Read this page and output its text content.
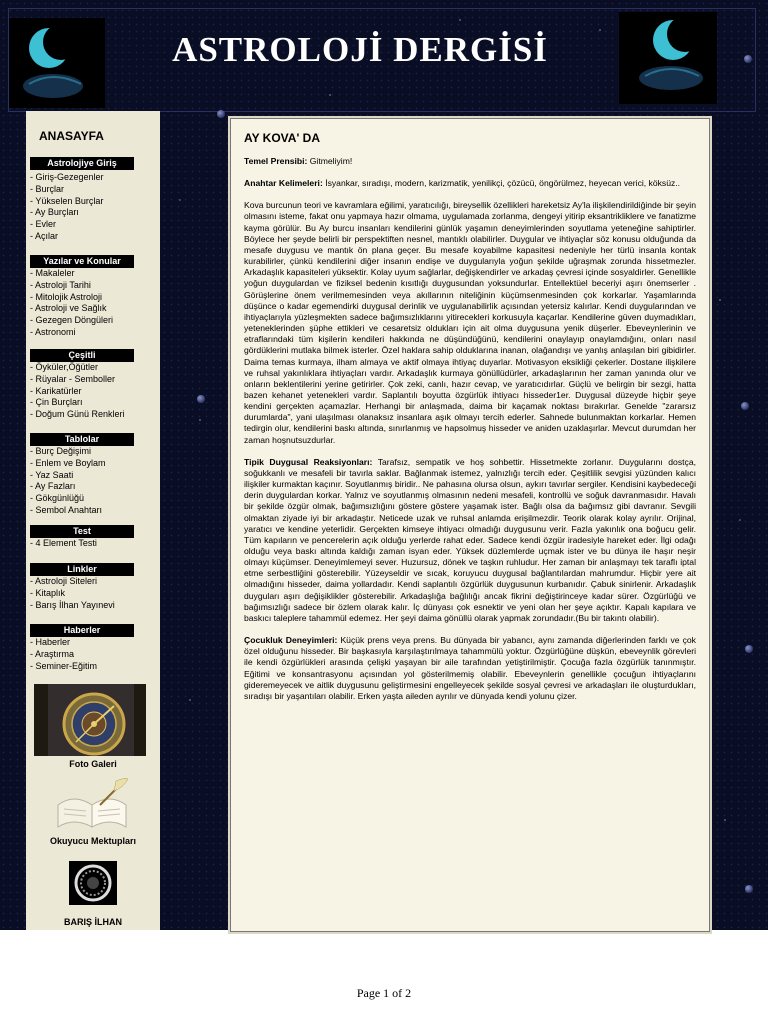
ASTROLOJİ DERGİSİ
ANASAYFA
Astrolojiye Giriş
- Giriş-Gezegenler
- Burçlar
- Yükselen Burçlar
- Ay Burçları
- Evler
- Açılar
Yazılar ve Konular
- Makaleler
- Astroloji Tarihi
- Mitolojik Astroloji
- Astroloji ve Sağlık
- Gezegen Döngüleri
- Astronomi
Çeşitli
- Öyküler,Öğütler
- Rüyalar - Semboller
- Karikatürler
- Çin Burçları
- Doğum Günü Renkleri
Tablolar
- Burç Değişimi
- Enlem ve Boylam
- Yaz Saati
- Ay Fazları
- Gökgünlüğü
- Sembol Anahtarı
Test
- 4 Element Testi
Linkler
- Astroloji Siteleri
- Kitaplık
- Barış İlhan Yayınevi
Haberler
- Haberler
- Araştırma
- Seminer-Eğitim
Foto Galeri
Okuyucu Mektupları
BARIŞ İLHAN
AY KOVA' DA

Temel Prensibi: Gitmeliyim!

Anahtar Kelimeleri: İsyankar, sıradışı, modern, karizmatik, yenilikçi, çözücü, öngörülmez, heyecan verici, köksüz..

Kova burcunun teori ve kavramlara eğilimi, yaratıcılığı, bireysellik özellikleri hareketsiz Ay'la ilişkilendirildiğinde bir şeyin olmasını isteme, fakat onu yapmaya hazır olmama, uygulamada zorlanma, dengeyi yitirip eksantrikliklere ve fanatizme kayma görülür. Bu Ay burcu insanları kendilerini günlük yaşamın deneyimlerinden soyutlama yeteneğine sahiptirler. Böylece her şeyde belirli bir perspektiften nesnel, mantıklı olabilirler. Duygular ve ihtiyaçlar söz konusu olduğunda da mesafe duygusu ve mantık ön plana geçer. Bu mesafe koyabilme kapasitesi nedeniyle her türlü insanla kontak kurabilirler, çünkü kendilerini diğer insanın endişe ve duygularıyla yoğun şekilde uğraşmak zorunda hissetmezler. Arkadaşlık kapasiteleri yüksektir. Kolay uyum sağlarlar, değişkendirler ve arkadaş çevresi içinde sosyaldirler. Genellikle yoğun duygulardan ve fiziksel bedenin kısıtlığı duygusundan yoksundurlar. Entellektüel beceriyi aşırı önemserler . Görüşlerine önem verilmemesinden veya akıllarının niteliğinin küçümsenmesinden çok korkarlar. Yaşamlarında düşünce o kadar egemendirki duygusal derinlik ve uygulanabilirlik açısından yetersiz kalırlar. Kendi duygularından ve ihtiyaçlarıyla yüzleşmekten sadece bağımsızlıklarını yitirecekleri korkusuyla kaçarlar. Kendilerine güven duymadıkları, yeteneklerinden şüphe ettikleri ve cesaretsiz oldukları için ait olma duygusuna yenik düşerler. Ebeveynlerinin ve etraflarındaki tüm kişilerin kendileri hakkında ne düşündüğünü, kendilerini onaylayıp onaylamdığını, onları nasıl gördüklerini mutlaka bilmek isterler. Özel haklara sahip olduklarına inanan, olağandışı ve yanlış anlaşılan biri gibidirler. Daima temas kurmaya, ilham almaya ve aktif olmaya ihtiyaç duyarlar. Motivasyon eksikliği çekerler. Dostane ilişkilere ve ruhsal yakınlıklara ihtiyaçları vardır. Arkadaşlık kurmaya gönüllüdürler, arkadaşlarının her zaman yanında olur ve onların beklentilerini yerine getirirler. Çok zeki, canlı, hazır cevap, ve yaratıcıdırlar. Güçlü ve belirgin bir sezgi, hatta bazen kehanet yetenekleri vardır. Saplantılı boyutta özgürlük ihtiyacı hisseder1er. Duygusal düzeyde hiçbir şeye kendini gerçekten açamazlar. Herhangi bir anlaşmada, daima bir kaçamak noktası bırakırlar. Genelde "zararsız durumlarda", yani ulaşılması olanaksız insanlara aşık olmayı tercih ederler. Sahnede bulunmaktan korkarlar. Hemen tedirgin olur, kendilerini baskı altında, sınırlanmış ve hapsolmuş hisseder ve aniden uzaklaşırlar. Mevcut durumdan her zaman hoşnutsuzdurlar.

Tipik Duygusal Reaksiyonları: Tarafsız, sempatik ve hoş sohbettir. Hissetmekte zorlanır. Duygularını dostça, soğukkanlı ve mesafeli bir tavırla saklar. Bağlanmak istemez, yalnızlığı tercih eder. Çeşitlilik sevgisi yüzünden kalıcı ilişkiler kurmaktan kaçınır. Soyutlanmış biridir.. Ne pahasına olursa olsun, aykırı tavırlar sergiler. Kendisini kaybedeceği derin duygulardan korkar. Yalnız ve soyutlanmış olmasının nedeni mesafeli, kontrollü ve soğuk davranmasıdır. Havalı bir şekilde özgür olmak, bağımsızlığını göstere göstere yaşamak ister. Bağlı olsa da bağımsız gibi davranır. Sevgili olmaktan ziyade iyi bir arkadaştır. Neticede uzak ve ruhsal anlamda erişilmezdir. Teorik olarak kolay ayrılır. Orijinal, yaratıcı ve kendine yeterlidir. Gerçekten kimseye ihtiyacı olmadığı duygusunu verir. Fazla yakınlık ona boğucu gelir. Tüm kapıların ve pencerelerin açık olduğu yerlerde rahat eder. Sadece kendi özgür iradesiyle hareket eder. İlgi odağı olduğu veya baskı altında kaldığı zaman isyan eder. Yüksek düzlemlerde uçmak ister ve bu dünya ile haşır neşir olmayı küçümser. Deneyimlemeyi sever. Huzursuz, dönek ve taşkın ruhludur. Her zaman bir anlaşmayı tek taraflı iptal etme serbestliğini gösterebilir. Yüzeyseldir ve sıcak, koruyucu duygusal bağlantılardan mahrumdur. Hiçbir yere ait olmadığını hisseder, daima yollardadır. Kendi saplantılı özgürlük duygusunun kurbanıdır. Çabuk sinirlenir. Arkadaşlık duyguları aşırı değişiklikler gösterebilir. Arkadaşlığa bağlılığı ancak fikrini değiştirinceye kadar sürer. Özgürlüğü ve bağımsızlığı sadece bir özlem olarak kalır. İç dünyası çok esnektir ve yeni olan her şeye açıktır. Kapalı kapılara ve baskıcı taleplere tahammül edemez. Her şeyi daima gönüllü olarak yapmak zorundadır.(Bu bir takıntı olabilir).

Çocukluk Deneyimleri: Küçük prens veya prens. Bu dünyada bir yabancı, aynı zamanda diğerlerinden farklı ve çok özel olduğunu hisseder. Bir başkasıyla karşılaştırılmaya tahammülü yoktur. Özgürlüğüne düşkün, ebeveynlik görevleri ile kendi özgürlükleri arasında çelişki yaşayan bir aile tarafından yetiştirilmiştir. Çocuğa fazla özgürlük tanınmıştır. Eğitimi ve konsantrasyonu açısından yol gösterilmemiş olabilir. Ebeveynlerin genellikle çocuğun ihtiyaçlarını gideremeyecek ve aitlik duygusunu geliştirmesini engelleyecek şekilde sosyal çevresi ve arkadaşları ile oluşturdukları, sıradışı bir yaşantıları olabilir. Erken yaşta aileden ayrılır ve dünyada kendi yolunu çizer.

Page 1 of 2
